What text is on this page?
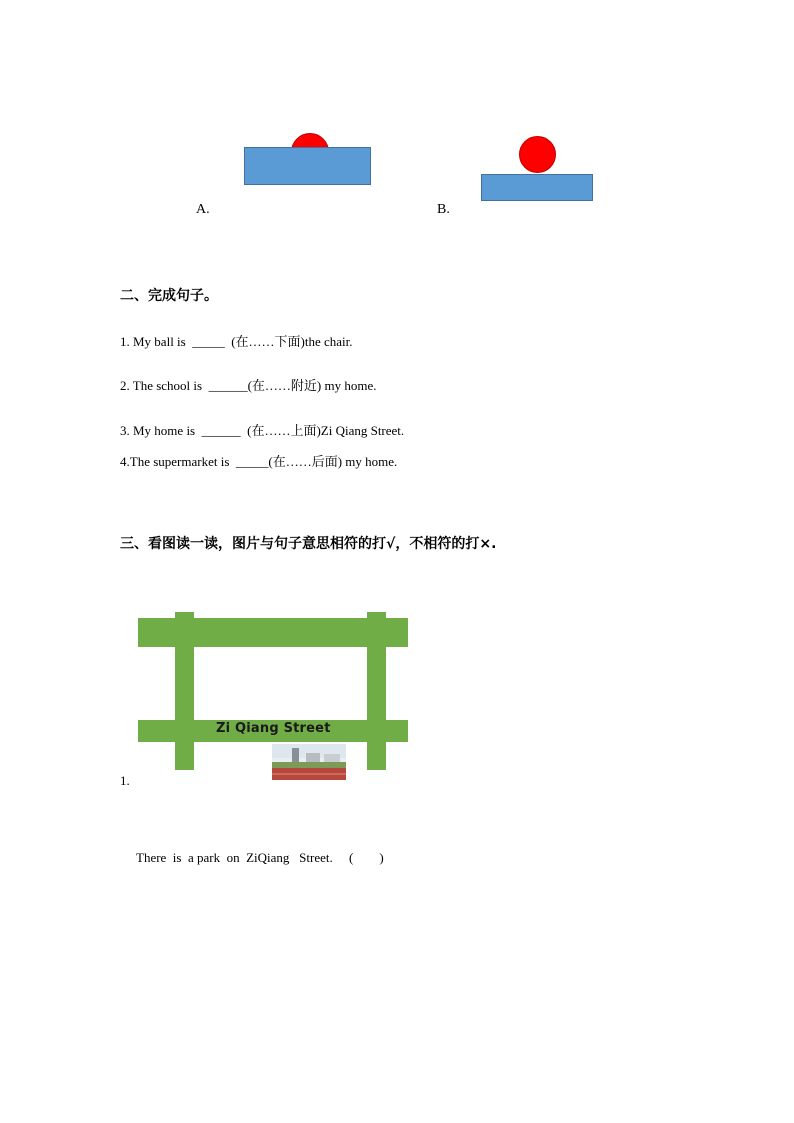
A.	B.
二、完成句子。
1. My ball is  _____  (在……下面)the chair.
2. The school is  ______(在……附近) my home.
3. My home is  ______  (在……上面)Zi Qiang Street.
4.The supermarket is  _____(在……后面) my home.
三、看图读一读，图片与句子意思相符的打√，不相符的打×.
Zi Qiang Street
1.
There  is  a park  on  ZiQiang   Street.     (        )
